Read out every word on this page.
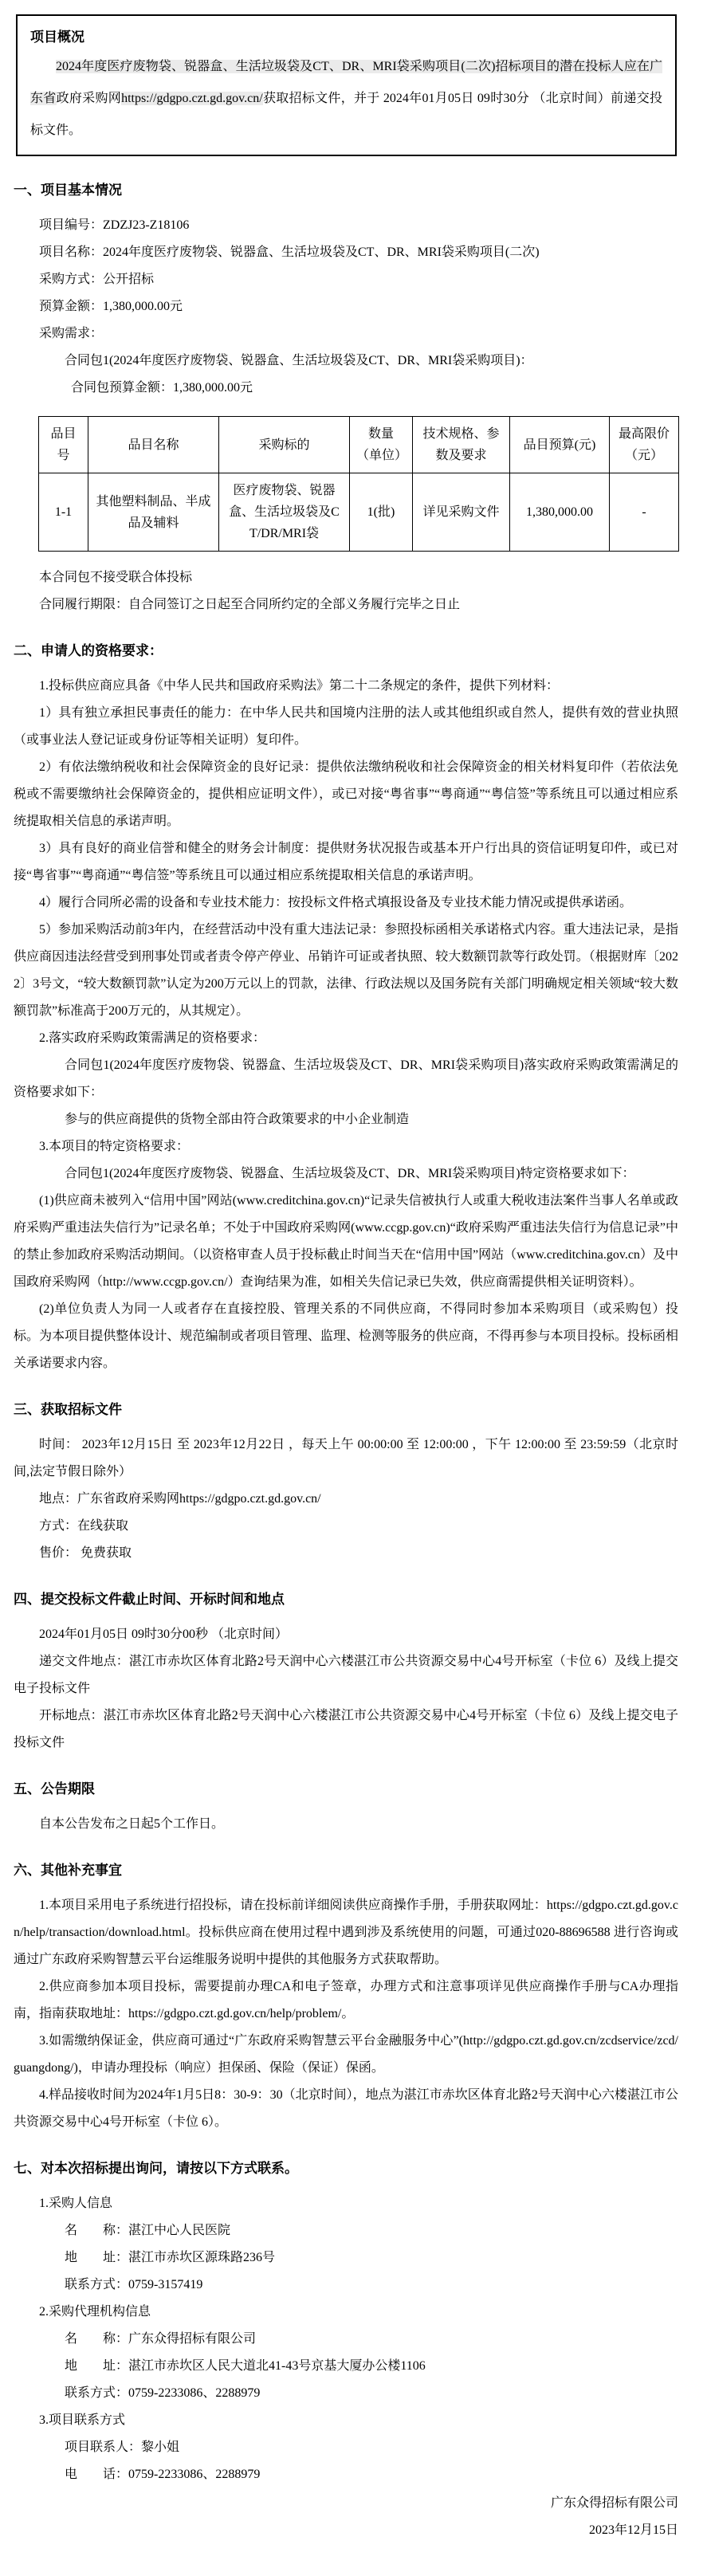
项目概况

2024年度医疗废物袋、锐器盒、生活垃圾袋及CT、DR、MRI袋采购项目(二次)招标项目的潜在投标人应在广东省政府采购网https://gdgpo.czt.gd.gov.cn/获取招标文件，并于 2024年01月05日 09时30分 （北京时间）前递交投标文件。

一、项目基本情况

项目编号：ZDZJ23-Z18106

项目名称：2024年度医疗废物袋、锐器盒、生活垃圾袋及CT、DR、MRI袋采购项目(二次)

采购方式：公开招标

预算金额：1,380,000.00元

采购需求：

合同包1(2024年度医疗废物袋、锐器盒、生活垃圾袋及CT、DR、MRI袋采购项目)：

合同包预算金额：1,380,000.00元

品目号	品目名称	采购标的	数量（单位）	技术规格、参数及要求	品目预算(元)	最高限价（元）
1-1	其他塑料制品、半成品及辅料	医疗废物袋、锐器盒、生活垃圾袋及CT/DR/MRI袋	1(批)	详见采购文件	1,380,000.00	-

本合同包不接受联合体投标

合同履行期限：自合同签订之日起至合同所约定的全部义务履行完毕之日止

二、申请人的资格要求：

1.投标供应商应具备《中华人民共和国政府采购法》第二十二条规定的条件，提供下列材料：

1）具有独立承担民事责任的能力：在中华人民共和国境内注册的法人或其他组织或自然人，提供有效的营业执照（或事业法人登记证或身份证等相关证明）复印件。

2）有依法缴纳税收和社会保障资金的良好记录：提供依法缴纳税收和社会保障资金的相关材料复印件（若依法免税或不需要缴纳社会保障资金的，提供相应证明文件），或已对接“粤省事”“粤商通”“粤信签”等系统且可以通过相应系统提取相关信息的承诺声明。

3）具有良好的商业信誉和健全的财务会计制度：提供财务状况报告或基本开户行出具的资信证明复印件，或已对接“粤省事”“粤商通”“粤信签”等系统且可以通过相应系统提取相关信息的承诺声明。

4）履行合同所必需的设备和专业技术能力：按投标文件格式填报设备及专业技术能力情况或提供承诺函。

5）参加采购活动前3年内，在经营活动中没有重大违法记录：参照投标函相关承诺格式内容。重大违法记录，是指供应商因违法经营受到刑事处罚或者责令停产停业、吊销许可证或者执照、较大数额罚款等行政处罚。（根据财库〔2022〕3号文，“较大数额罚款”认定为200万元以上的罚款，法律、行政法规以及国务院有关部门明确规定相关领域“较大数额罚款”标准高于200万元的，从其规定）。

2.落实政府采购政策需满足的资格要求：

合同包1(2024年度医疗废物袋、锐器盒、生活垃圾袋及CT、DR、MRI袋采购项目)落实政府采购政策需满足的资格要求如下：

参与的供应商提供的货物全部由符合政策要求的中小企业制造

3.本项目的特定资格要求：

合同包1(2024年度医疗废物袋、锐器盒、生活垃圾袋及CT、DR、MRI袋采购项目)特定资格要求如下：

(1)供应商未被列入“信用中国”网站(www.creditchina.gov.cn)“记录失信被执行人或重大税收违法案件当事人名单或政府采购严重违法失信行为”记录名单；不处于中国政府采购网(www.ccgp.gov.cn)“政府采购严重违法失信行为信息记录”中的禁止参加政府采购活动期间。（以资格审查人员于投标截止时间当天在“信用中国”网站（www.creditchina.gov.cn）及中国政府采购网（http://www.ccgp.gov.cn/）查询结果为准，如相关失信记录已失效，供应商需提供相关证明资料）。

(2)单位负责人为同一人或者存在直接控股、管理关系的不同供应商，不得同时参加本采购项目（或采购包）投标。为本项目提供整体设计、规范编制或者项目管理、监理、检测等服务的供应商，不得再参与本项目投标。投标函相关承诺要求内容。

三、获取招标文件

时间： 2023年12月15日 至 2023年12月22日 ，每天上午 00:00:00 至 12:00:00 ，下午 12:00:00 至 23:59:59（北京时间,法定节假日除外）

地点：广东省政府采购网https://gdgpo.czt.gd.gov.cn/

方式：在线获取

售价： 免费获取

四、提交投标文件截止时间、开标时间和地点

2024年01月05日 09时30分00秒 （北京时间）

递交文件地点：湛江市赤坎区体育北路2号天润中心六楼湛江市公共资源交易中心4号开标室（卡位 6）及线上提交电子投标文件

开标地点：湛江市赤坎区体育北路2号天润中心六楼湛江市公共资源交易中心4号开标室（卡位 6）及线上提交电子投标文件

五、公告期限

自本公告发布之日起5个工作日。

六、其他补充事宜

1.本项目采用电子系统进行招投标，请在投标前详细阅读供应商操作手册，手册获取网址：https://gdgpo.czt.gd.gov.cn/help/transaction/download.html。投标供应商在使用过程中遇到涉及系统使用的问题，可通过020-88696588 进行咨询或通过广东政府采购智慧云平台运维服务说明中提供的其他服务方式获取帮助。

2.供应商参加本项目投标，需要提前办理CA和电子签章，办理方式和注意事项详见供应商操作手册与CA办理指南，指南获取地址：https://gdgpo.czt.gd.gov.cn/help/problem/。

3.如需缴纳保证金，供应商可通过“广东政府采购智慧云平台金融服务中心”(http://gdgpo.czt.gd.gov.cn/zcdservice/zcd/guangdong/)，申请办理投标（响应）担保函、保险（保证）保函。

4.样品接收时间为2024年1月5日8：30-9：30（北京时间），地点为湛江市赤坎区体育北路2号天润中心六楼湛江市公共资源交易中心4号开标室（卡位 6）。

七、对本次招标提出询问，请按以下方式联系。

1.采购人信息

名　　称：湛江中心人民医院

地　　址：湛江市赤坎区源珠路236号

联系方式：0759-3157419

2.采购代理机构信息

名　　称：广东众得招标有限公司

地　　址：湛江市赤坎区人民大道北41-43号京基大厦办公楼1106

联系方式：0759-2233086、2288979

3.项目联系方式

项目联系人：黎小姐

电　　话：0759-2233086、2288979

广东众得招标有限公司

2023年12月15日
